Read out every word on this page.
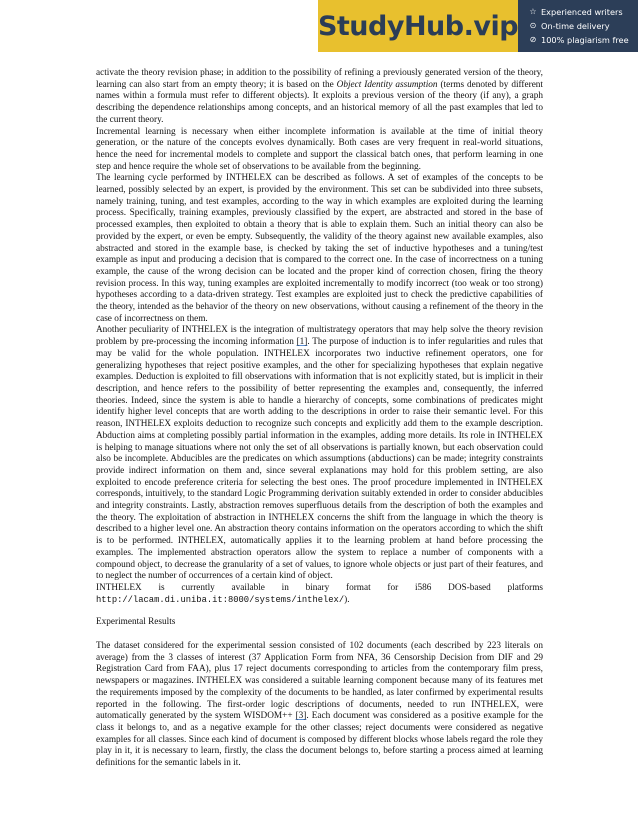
StudyHub.vip ☆ Experienced writers
⊙ On-time delivery
⊘ 100% plagiarism free

activate the theory revision phase; in addition to the possibility of refining a previously generated version of the theory, learning can also start from an empty theory; it is based on the Object Identity assumption (terms denoted by different names within a formula must refer to different objects). It exploits a previous version of the theory (if any), a graph describing the dependence relationships among concepts, and an historical memory of all the past examples that led to the current theory.

Incremental learning is necessary when either incomplete information is available at the time of initial theory generation, or the nature of the concepts evolves dynamically. Both cases are very frequent in real-world situations, hence the need for incremental models to complete and support the classical batch ones, that perform learning in one step and hence require the whole set of observations to be available from the beginning.

The learning cycle performed by INTHELEX can be described as follows. A set of examples of the concepts to be learned, possibly selected by an expert, is provided by the environment. This set can be subdivided into three subsets, namely training, tuning, and test examples, according to the way in which examples are exploited during the learning process. Specifically, training examples, previously classified by the expert, are abstracted and stored in the base of processed examples, then exploited to obtain a theory that is able to explain them. Such an initial theory can also be provided by the expert, or even be empty. Subsequently, the validity of the theory against new available examples, also abstracted and stored in the example base, is checked by taking the set of inductive hypotheses and a tuning/test example as input and producing a decision that is compared to the correct one. In the case of incorrectness on a tuning example, the cause of the wrong decision can be located and the proper kind of correction chosen, firing the theory revision process. In this way, tuning examples are exploited incrementally to modify incorrect (too weak or too strong) hypotheses according to a data-driven strategy. Test examples are exploited just to check the predictive capabilities of the theory, intended as the behavior of the theory on new observations, without causing a refinement of the theory in the case of incorrectness on them.

Another peculiarity of INTHELEX is the integration of multistrategy operators that may help solve the theory revision problem by pre-processing the incoming information [1]. The purpose of induction is to infer regularities and rules that may be valid for the whole population. INTHELEX incorporates two inductive refinement operators, one for generalizing hypotheses that reject positive examples, and the other for specializing hypotheses that explain negative examples. Deduction is exploited to fill observations with information that is not explicitly stated, but is implicit in their description, and hence refers to the possibility of better representing the examples and, consequently, the inferred theories. Indeed, since the system is able to handle a hierarchy of concepts, some combinations of predicates might identify higher level concepts that are worth adding to the descriptions in order to raise their semantic level. For this reason, INTHELEX exploits deduction to recognize such concepts and explicitly add them to the example description. Abduction aims at completing possibly partial information in the examples, adding more details. Its role in INTHELEX is helping to manage situations where not only the set of all observations is partially known, but each observation could also be incomplete. Abducibles are the predicates on which assumptions (abductions) can be made; integrity constraints provide indirect information on them and, since several explanations may hold for this problem setting, are also exploited to encode preference criteria for selecting the best ones. The proof procedure implemented in INTHELEX corresponds, intuitively, to the standard Logic Programming derivation suitably extended in order to consider abducibles and integrity constraints. Lastly, abstraction removes superfluous details from the description of both the examples and the theory. The exploitation of abstraction in INTHELEX concerns the shift from the language in which the theory is described to a higher level one. An abstraction theory contains information on the operators according to which the shift is to be performed. INTHELEX, automatically applies it to the learning problem at hand before processing the examples. The implemented abstraction operators allow the system to replace a number of components with a compound object, to decrease the granularity of a set of values, to ignore whole objects or just part of their features, and to neglect the number of occurrences of a certain kind of object.

INTHELEX is currently available in binary format for i586 DOS-based platforms http://lacam.di.uniba.it:8000/systems/inthelex/).

Experimental Results

The dataset considered for the experimental session consisted of 102 documents (each described by 223 literals on average) from the 3 classes of interest (37 Application Form from NFA, 36 Censorship Decision from DIF and 29 Registration Card from FAA), plus 17 reject documents corresponding to articles from the contemporary film press, newspapers or magazines. INTHELEX was considered a suitable learning component because many of its features met the requirements imposed by the complexity of the documents to be handled, as later confirmed by experimental results reported in the following. The first-order logic descriptions of documents, needed to run INTHELEX, were automatically generated by the system WISDOM++ [3]. Each document was considered as a positive example for the class it belongs to, and as a negative example for the other classes; reject documents were considered as negative examples for all classes. Since each kind of document is composed by different blocks whose labels regard the role they play in it, it is necessary to learn, firstly, the class the document belongs to, before starting a process aimed at learning definitions for the semantic labels in it.
